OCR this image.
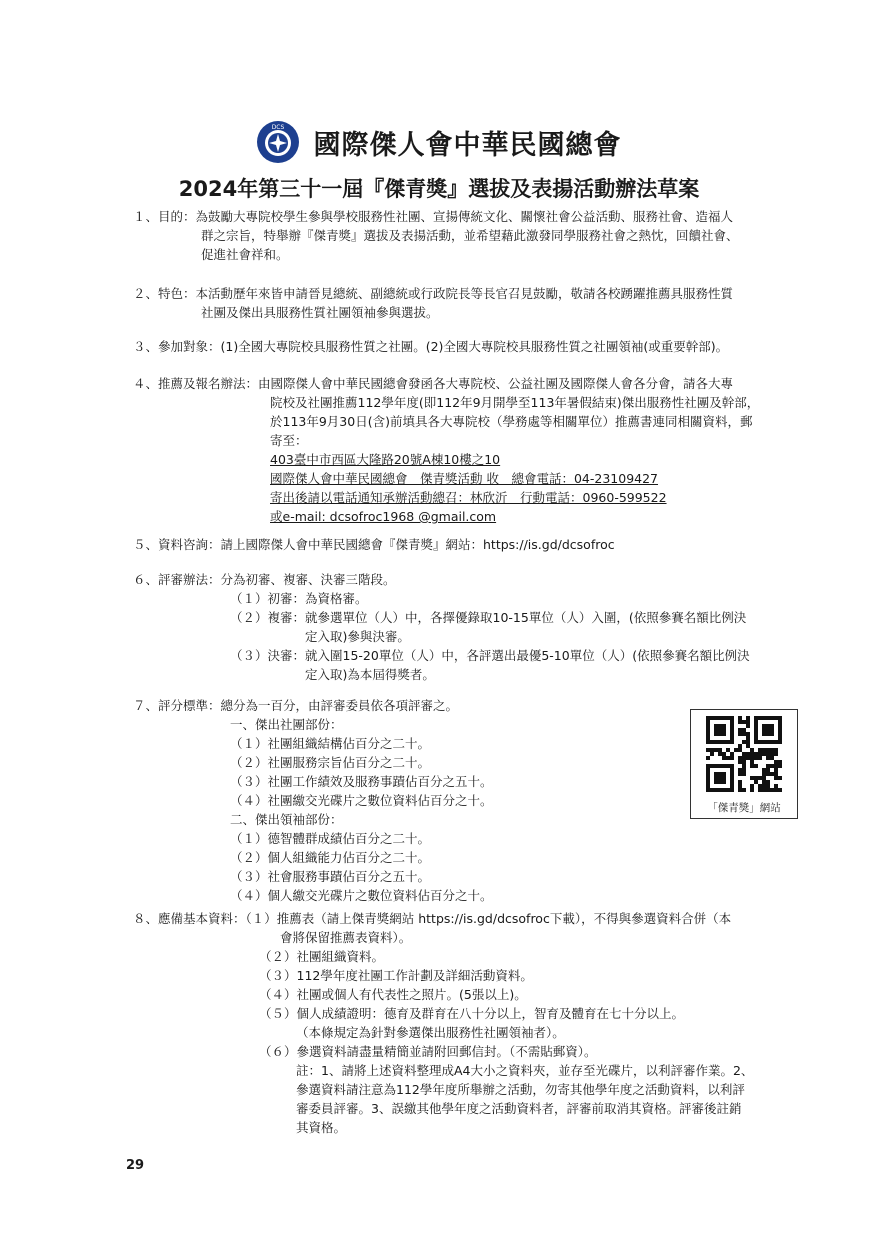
DCS
國際傑人會中華民國總會
2024年第三十一屆『傑青獎』選拔及表揚活動辦法草案
１、目的：為鼓勵大專院校學生參與學校服務性社團、宣揚傳統文化、關懷社會公益活動、服務社會、造福人
群之宗旨，特舉辦『傑青獎』選拔及表揚活動，並希望藉此激發同學服務社會之熱忱，回饋社會、
促進社會祥和。
２、特色：本活動歷年來皆申請晉見總統、副總統或行政院長等長官召見鼓勵，敬請各校踴躍推薦具服務性質
社團及傑出具服務性質社團領袖參與選拔。
３、參加對象：(1)全國大專院校具服務性質之社團。(2)全國大專院校具服務性質之社團領袖(或重要幹部)。
４、推薦及報名辦法：由國際傑人會中華民國總會發函各大專院校、公益社團及國際傑人會各分會，請各大專
院校及社團推薦112學年度(即112年9月開學至113年暑假結束)傑出服務性社團及幹部，
於113年9月30日(含)前填具各大專院校（學務處等相關單位）推薦書連同相關資料，郵
寄至：
403臺中市西區大隆路20號A棟10樓之10
國際傑人會中華民國總會　傑青獎活動 收　總會電話：04-23109427
寄出後請以電話通知承辦活動總召：林欣沂　行動電話：0960-599522
或e-mail: dcsofroc1968 @gmail.com
５、資料咨詢：請上國際傑人會中華民國總會『傑青獎』網站：https://is.gd/dcsofroc
６、評審辦法：分為初審、複審、決審三階段。
（１）初審：為資格審。
（２）複審：就參選單位（人）中，各擇優錄取10-15單位（人）入圍，(依照參賽名額比例決
定入取)參與決審。
（３）決審：就入圍15-20單位（人）中，各評選出最優5-10單位（人）(依照參賽名額比例決
定入取)為本屆得獎者。
７、評分標準：總分為一百分，由評審委員依各項評審之。
一、傑出社團部份：
（１）社團組織結構佔百分之二十。
（２）社團服務宗旨佔百分之二十。
（３）社團工作績效及服務事蹟佔百分之五十。
（４）社團繳交光碟片之數位資料佔百分之十。
二、傑出領袖部份：
（１）德智體群成績佔百分之二十。
（２）個人組織能力佔百分之二十。
（３）社會服務事蹟佔百分之五十。
（４）個人繳交光碟片之數位資料佔百分之十。
８、應備基本資料：（１）推薦表（請上傑青獎網站 https://is.gd/dcsofroc下載），不得與參選資料合併（本
會將保留推薦表資料）。
（２）社團組織資料。
（３）112學年度社團工作計劃及詳細活動資料。
（４）社團或個人有代表性之照片。(5張以上)。
（５）個人成績證明：德育及群育在八十分以上，智育及體育在七十分以上。
（本條規定為針對參選傑出服務性社團領袖者）。
（６）參選資料請盡量精簡並請附回郵信封。（不需貼郵資）。
註：1、請將上述資料整理成A4大小之資料夾，並存至光碟片，以利評審作業。2、
參選資料請注意為112學年度所舉辦之活動，勿寄其他學年度之活動資料，以利評
審委員評審。3、誤繳其他學年度之活動資料者，評審前取消其資格。評審後註銷
其資格。
「傑青獎」網站
29
